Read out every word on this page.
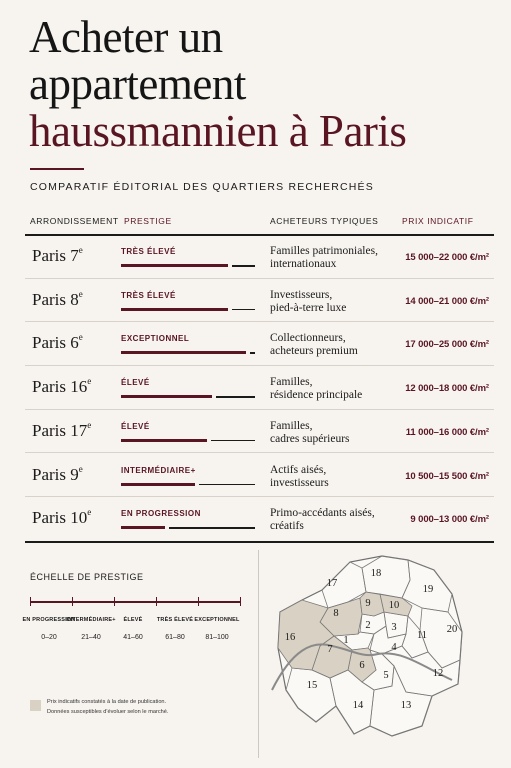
Acheter un
appartement
haussmannien à Paris
COMPARATIF ÉDITORIAL DES QUARTIERS RECHERCHÉS
ARRONDISSEMENT PRESTIGE	ACHETEURS TYPIQUES	PRIX INDICATIF
Paris 7e	TRÈS ÉLEVÉ	Familles patrimoniales,
internationaux
15 000–22 000 €/m²
Paris 8e	TRÈS ÉLEVÉ	Investisseurs,
pied-à-terre luxe
14 000–21 000 €/m²
Paris 6e	EXCEPTIONNEL	Collectionneurs,
acheteurs premium
17 000–25 000 €/m²
Paris 16e	ÉLEVÉ	Familles,
résidence principale
12 000–18 000 €/m²
Paris 17e	ÉLEVÉ	Familles,
cadres supérieurs
11 000–16 000 €/m²
Paris 9e	INTERMÉDIAIRE+	Actifs aisés,
investisseurs
10 500–15 500 €/m²
Paris 10e	EN PROGRESSION	Primo-accédants aisés,
créatifs
9 000–13 000 €/m²
ÉCHELLE DE PRESTIGE
EN PROGRESSION
0–20
INTERMÉDIAIRE+
21–40
ÉLEVÉ
41–60
TRÈS ÉLEVÉ
61–80
EXCEPTIONNEL
81–100
Prix indicatifs constatés à la date de publication.
Données susceptibles d'évoluer selon le marché.
1
2 3
4
5
6
7
8
9 10
11
12
13
14
15
16
17
18
19
20
